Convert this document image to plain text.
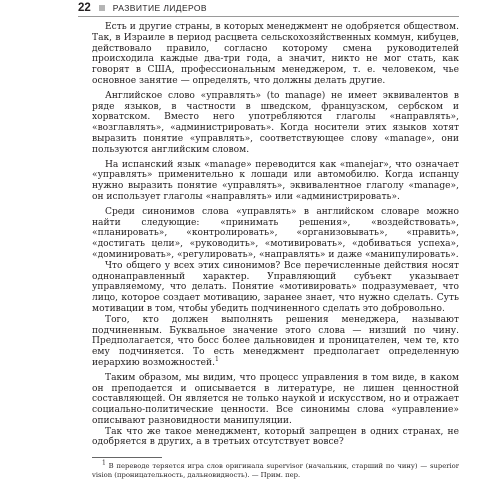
22	РАЗВИТИЕ ЛИДЕРОВ

Есть и другие страны, в которых менеджмент не одобряется обществом. Так, в Израиле в период расцвета сельскохозяйственных коммун, кибуцев, действовало правило, согласно которому смена руководителей происходила каждые два-три года, а значит, никто не мог стать, как говорят в США, профессиональным менеджером, т. е. человеком, чье основное занятие — определять, что должны делать другие.

Английское слово «управлять» (to manage) не имеет эквивалентов в ряде языков, в частности в шведском, французском, сербском и хорватском. Вместо него употребляются глаголы «направлять», «возглавлять», «администрировать». Когда носители этих языков хотят выразить понятие «управлять», соответствующее слову «manage», они пользуются английским словом.

На испанский язык «manage» переводится как «manejar», что означает «управлять» применительно к лошади или автомобилю. Когда испанцу нужно выразить понятие «управлять», эквивалентное глаголу «manage», он использует глаголы «направлять» или «администрировать».

Среди синонимов слова «управлять» в английском словаре можно найти следующие: «принимать решения», «воздействовать», «планировать», «контролировать», «организовывать», «править», «достигать цели», «руководить», «мотивировать», «добиваться успеха», «доминировать», «регулировать», «направлять» и даже «манипулировать».

Что общего у всех этих синонимов? Все перечисленные действия носят однонаправленный характер. Управляющий субъект указывает управляемому, что делать. Понятие «мотивировать» подразумевает, что лицо, которое создает мотивацию, заранее знает, что нужно сделать. Суть мотивации в том, чтобы убедить подчиненного сделать это добровольно.

Того, кто должен выполнять решения менеджера, называют подчиненным. Буквальное значение этого слова — низший по чину. Предполагается, что босс более дальновиден и проницателен, чем те, кто ему подчиняется. То есть менеджмент предполагает определенную иерархию возможностей.$^1$

Таким образом, мы видим, что процесс управления в том виде, в каком он преподается и описывается в литературе, не лишен ценностной составляющей. Он является не только наукой и искусством, но и отражает социально-политические ценности. Все синонимы слова «управление» описывают разновидности манипуляции.

Так что же такое менеджмент, который запрещен в одних странах, не одобряется в других, а в третьих отсутствует вовсе?

1 В переводе теряется игра слов оригинала supervisor (начальник, старший по чину) — superior vision (проницательность, дальновидность). — Прим. пер.
